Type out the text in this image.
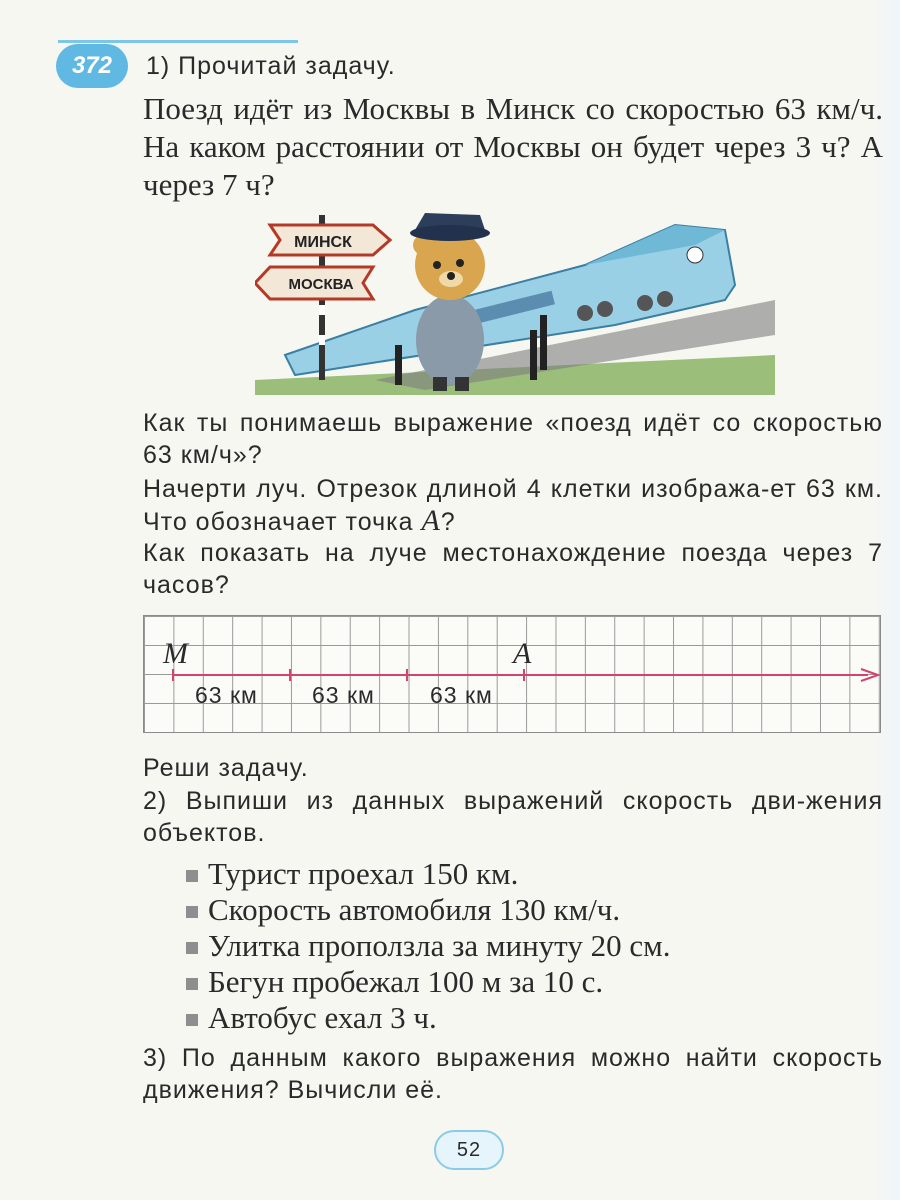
372	1) Прочитай задачу.
Поезд идёт из Москвы в Минск со скоростью 63 км/ч. На каком расстоянии от Москвы он будет через 3 ч? А через 7 ч?
МИНСК
МОСКВА
Как ты понимаешь выражение «поезд идёт со скоростью 63 км/ч»?
Начерти луч. Отрезок длиной 4 клетки изобража-ет 63 км. Что обозначает точка A?
Как показать на луче местонахождение поезда через 7 часов?
M	A
63 км 63 км 63 км
Реши задачу.
2) Выпиши из данных выражений скорость дви-жения объектов.
Турист проехал 150 км.
Скорость автомобиля 130 км/ч.
Улитка проползла за минуту 20 см.
Бегун пробежал 100 м за 10 с.
Автобус ехал 3 ч.
3) По данным какого выражения можно найти скорость движения? Вычисли её.
52
